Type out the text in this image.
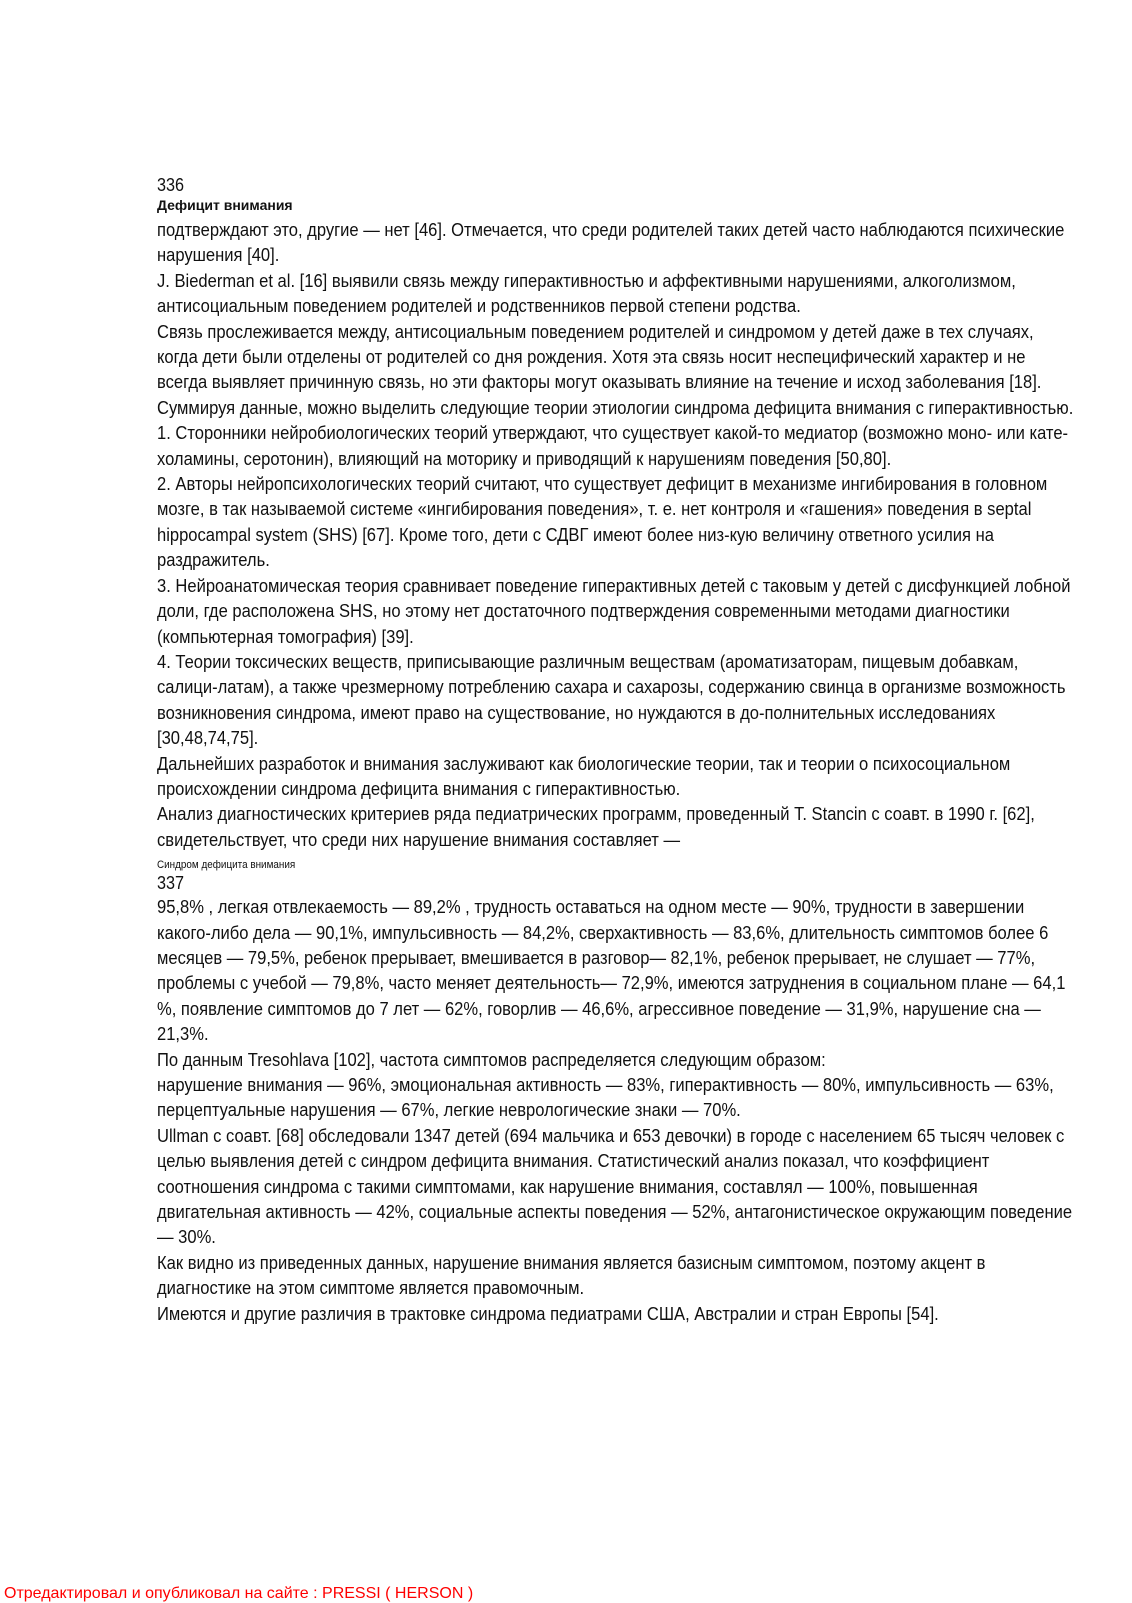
336
Дефицит внимания

подтверждают это, другие — нет [46]. Отмечается, что среди родителей таких детей часто наблюдаются психические нарушения [40].

J. Biederman et al. [16] выявили связь между гиперактивностью и аффективными нарушениями, алкоголизмом, антисоциальным поведением родителей и родственников первой степени родства.

Связь прослеживается между, антисоциальным поведением родителей и синдромом у детей даже в тех случаях, когда дети были отделены от родителей со дня рождения. Хотя эта связь носит неспецифический характер и не всегда выявляет причинную связь, но эти факторы могут оказывать влияние на течение и исход заболевания [18].

Суммируя данные, можно выделить следующие теории этиологии синдрома дефицита внимания с гиперактивностью.

1. Сторонники нейробиологических теорий утверждают, что существует какой-то медиатор (возможно моно- или кате-холамины, серотонин), влияющий на моторику и приводящий к нарушениям поведения [50,80].

2. Авторы нейропсихологических теорий считают, что существует дефицит в механизме ингибирования в головном мозге, в так называемой системе «ингибирования поведения», т. е. нет контроля и «гашения» поведения в septal hippocampal system (SHS) [67]. Кроме того, дети с СДВГ имеют более низ-кую величину ответного усилия на раздражитель.

3. Нейроанатомическая теория сравнивает поведение гиперактивных детей с таковым у детей с дисфункцией лобной доли, где расположена SHS, но этому нет достаточного подтверждения современными методами диагностики (компьютерная томография) [39].

4. Теории токсических веществ, приписывающие различным веществам (ароматизаторам, пищевым добавкам, салици-латам), а также чрезмерному потреблению сахара и сахарозы, содержанию свинца в организме возможность возникновения синдрома, имеют право на существование, но нуждаются в до-полнительных исследованиях [30,48,74,75].

Дальнейших разработок и внимания заслуживают как биологические теории, так и теории о психосоциальном происхождении синдрома дефицита внимания с гиперактивностью.

Анализ диагностических критериев ряда педиатрических программ, проведенный Т. Stancin с соавт. в 1990 г. [62], свидетельствует, что среди них нарушение внимания составляет —

Синдром дефицита внимания
337

95,8% , легкая отвлекаемость — 89,2% , трудность оставаться на одном месте — 90%, трудности в завершении какого-либо дела — 90,1%, импульсивность — 84,2%, сверхактивность — 83,6%, длительность симптомов более 6 месяцев — 79,5%, ребенок прерывает, вмешивается в разговор— 82,1%, ребенок прерывает, не слушает — 77%, проблемы с учебой — 79,8%, часто меняет деятельность— 72,9%, имеются затруднения в социальном плане — 64,1 %, появление симптомов до 7 лет — 62%, говорлив — 46,6%, агрессивное поведение — 31,9%, нарушение сна — 21,3%.

По данным Tresohlava [102], частота симптомов распределяется следующим образом:

нарушение внимания — 96%, эмоциональная активность — 83%, гиперактивность — 80%, импульсивность — 63%, перцептуальные нарушения — 67%, легкие неврологические знаки — 70%.

Ullman с соавт. [68] обследовали 1347 детей (694 мальчика и 653 девочки) в городе с населением 65 тысяч человек с целью выявления детей с синдром дефицита внимания. Статистический анализ показал, что коэффициент соотношения синдрома с такими симптомами, как нарушение внимания, составлял — 100%, повышенная двигательная активность — 42%, социальные аспекты поведения — 52%, антагонистическое окружающим поведение — 30%.

Как видно из приведенных данных, нарушение внимания является базисным симптомом, поэтому акцент в диагностике на этом симптоме является правомочным.

Имеются и другие различия в трактовке синдрома педиатрами США, Австралии и стран Европы [54].

Отредактировал и опубликовал на сайте : PRESSI ( HERSON )
